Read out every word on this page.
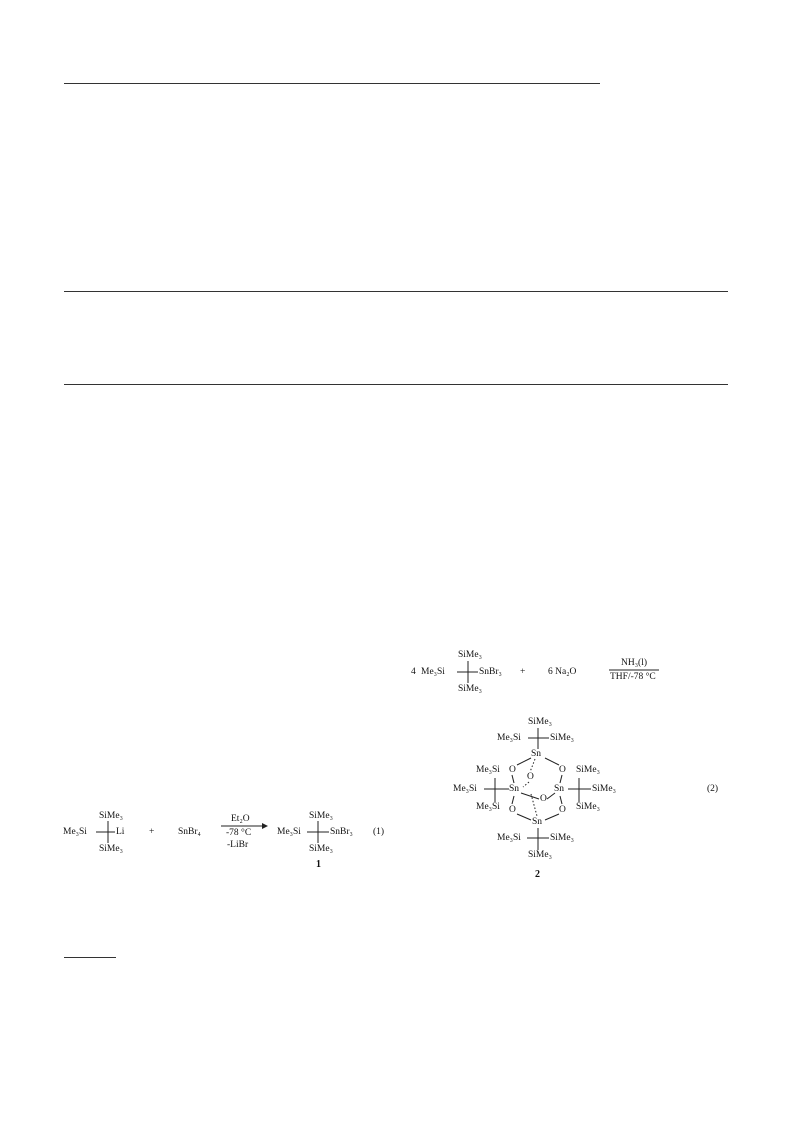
SiMe₃
Me₃Si	Li
SiMe₃
+ SnBr₄
Et₂O
-78 °C
-LiBr
SiMe₃
Me₃Si	SnBr₃
SiMe₃
1
(1)
4
SiMe₃
Me₃Si	SnBr₃
SiMe₃
+ 6 Na₂O
NH₃(l)
THF/-78 °C
Sn
Sn	Sn
Sn
O	O
O
O
O	O
SiMe₃
Me₃Si	SiMe₃
Me₃Si
Me₃Si
Me₃Si
SiMe₃
SiMe₃
SiMe₃
Me₃Si	SiMe₃
SiMe₃
2
(2)
